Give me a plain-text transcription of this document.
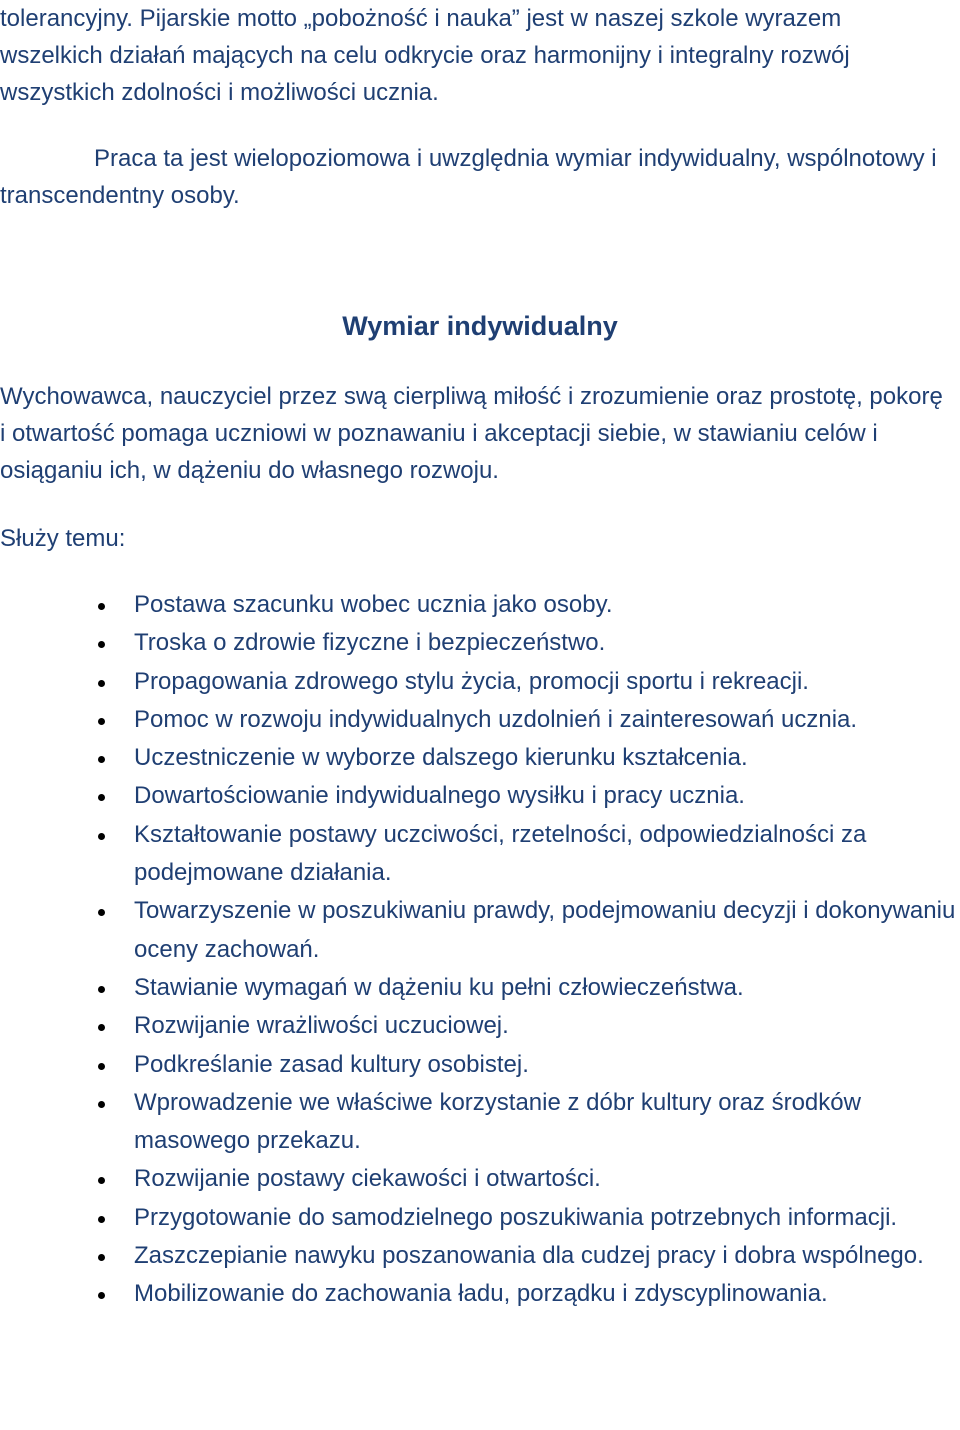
tolerancyjny. Pijarskie motto „pobożność i nauka” jest w naszej szkole wyrazem wszelkich działań mających na celu odkrycie oraz harmonijny i integralny rozwój wszystkich zdolności i możliwości ucznia.

Praca ta jest wielopoziomowa i uwzględnia wymiar indywidualny, wspólnotowy i transcendentny osoby.

Wymiar indywidualny

Wychowawca, nauczyciel przez swą cierpliwą miłość i zrozumienie oraz prostotę, pokorę i otwartość pomaga uczniowi w poznawaniu i akceptacji siebie, w stawianiu celów i osiąganiu ich, w dążeniu do własnego rozwoju.

Służy temu:

Postawa szacunku wobec ucznia jako osoby.
Troska o zdrowie fizyczne i bezpieczeństwo.
Propagowania zdrowego stylu życia, promocji sportu i rekreacji.
Pomoc w rozwoju indywidualnych uzdolnień i zainteresowań ucznia.
Uczestniczenie w wyborze dalszego kierunku kształcenia.
Dowartościowanie indywidualnego wysiłku i pracy ucznia.
Kształtowanie postawy uczciwości, rzetelności, odpowiedzialności za podejmowane działania.
Towarzyszenie w poszukiwaniu prawdy, podejmowaniu decyzji i dokonywaniu oceny zachowań.
Stawianie wymagań w dążeniu ku pełni człowieczeństwa.
Rozwijanie wrażliwości uczuciowej.
Podkreślanie zasad kultury osobistej.
Wprowadzenie we właściwe korzystanie z dóbr kultury oraz środków masowego przekazu.
Rozwijanie postawy ciekawości i otwartości.
Przygotowanie do samodzielnego poszukiwania potrzebnych informacji.
Zaszczepianie nawyku poszanowania dla cudzej pracy i dobra wspólnego.
Mobilizowanie do zachowania ładu, porządku i zdyscyplinowania.
